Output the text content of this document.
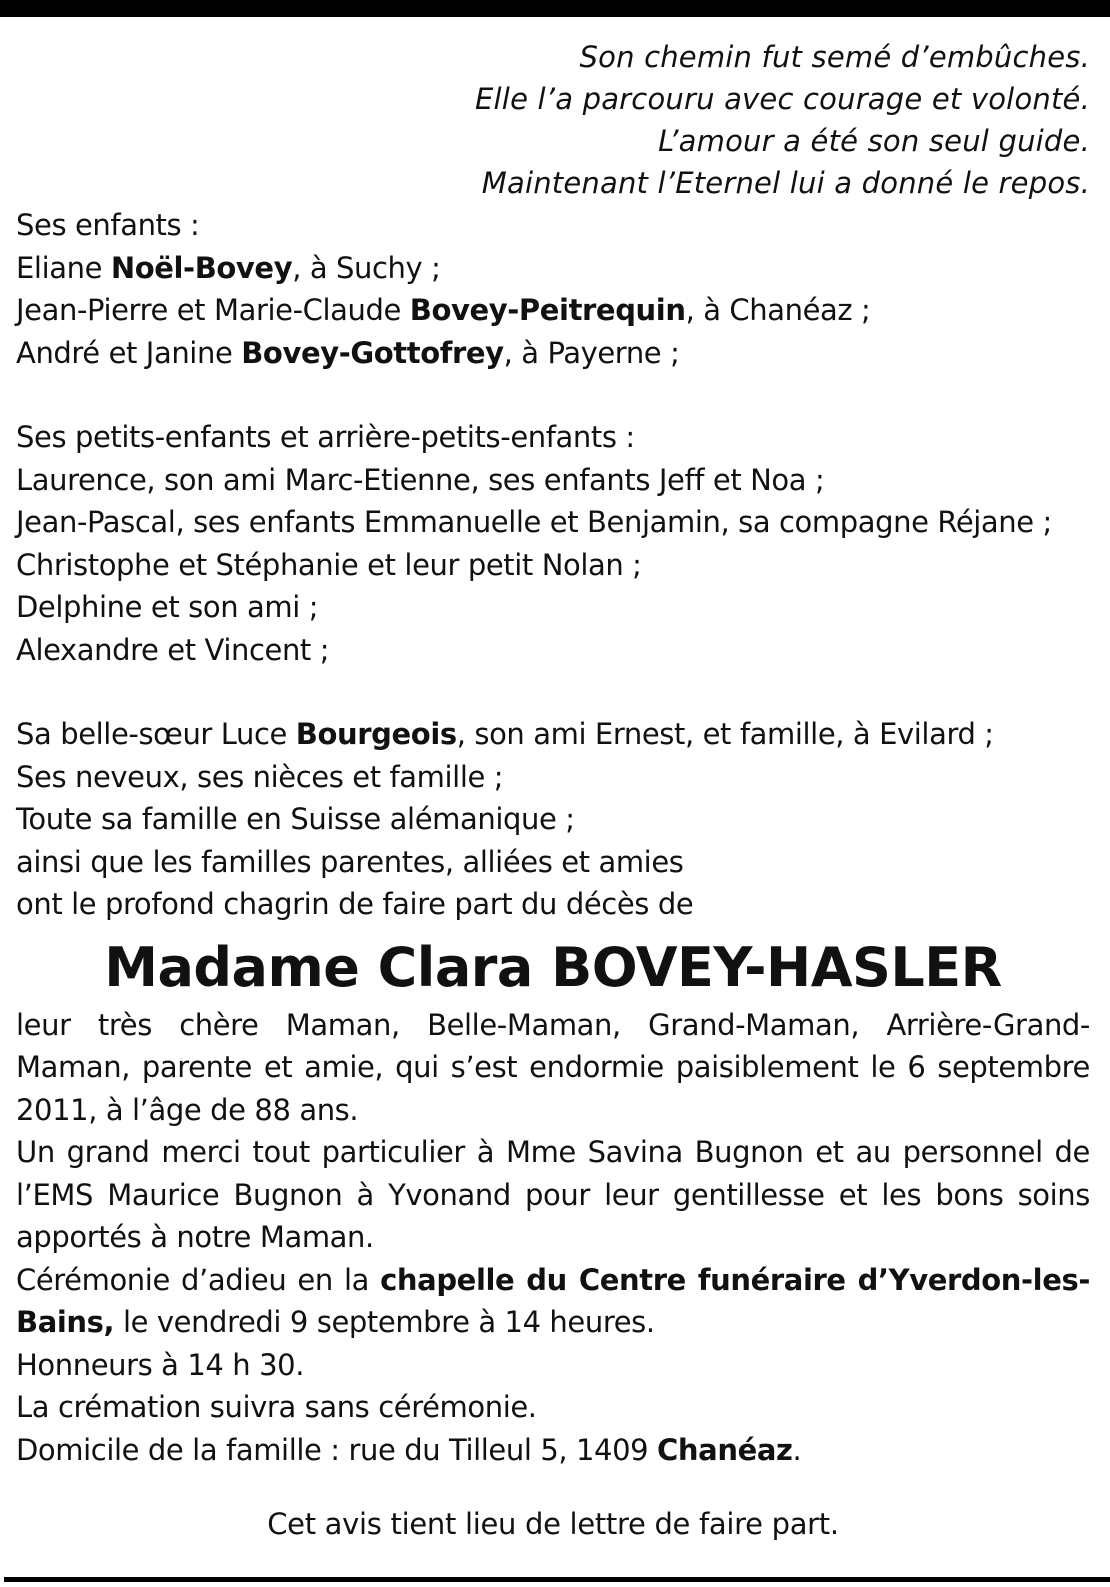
Son chemin fut semé d’embûches.
Elle l’a parcouru avec courage et volonté.
L’amour a été son seul guide.
Maintenant l’Eternel lui a donné le repos.
Ses enfants :
Eliane Noël-Bovey, à Suchy ;
Jean-Pierre et Marie-Claude Bovey-Peitrequin, à Chanéaz ;
André et Janine Bovey-Gottofrey, à Payerne ;
Ses petits-enfants et arrière-petits-enfants :
Laurence, son ami Marc-Etienne, ses enfants Jeff et Noa ;
Jean-Pascal, ses enfants Emmanuelle et Benjamin, sa compagne Réjane ;
Christophe et Stéphanie et leur petit Nolan ;
Delphine et son ami ;
Alexandre et Vincent ;
Sa belle-sœur Luce Bourgeois, son ami Ernest, et famille, à Evilard ;
Ses neveux, ses nièces et famille ;
Toute sa famille en Suisse alémanique ;
ainsi que les familles parentes, alliées et amies
ont le profond chagrin de faire part du décès de
Madame Clara BOVEY-HASLER
leur très chère Maman, Belle-Maman, Grand-Maman, Arrière-Grand-Maman, parente et amie, qui s’est endormie paisiblement le 6 septembre 2011, à l’âge de 88 ans.
Un grand merci tout particulier à Mme Savina Bugnon et au personnel de l’EMS Maurice Bugnon à Yvonand pour leur gentillesse et les bons soins apportés à notre Maman.
Cérémonie d’adieu en la chapelle du Centre funéraire d’Yverdon-les-Bains, le vendredi 9 septembre à 14 heures.
Honneurs à 14 h 30.
La crémation suivra sans cérémonie.
Domicile de la famille : rue du Tilleul 5, 1409 Chanéaz.
Cet avis tient lieu de lettre de faire part.
